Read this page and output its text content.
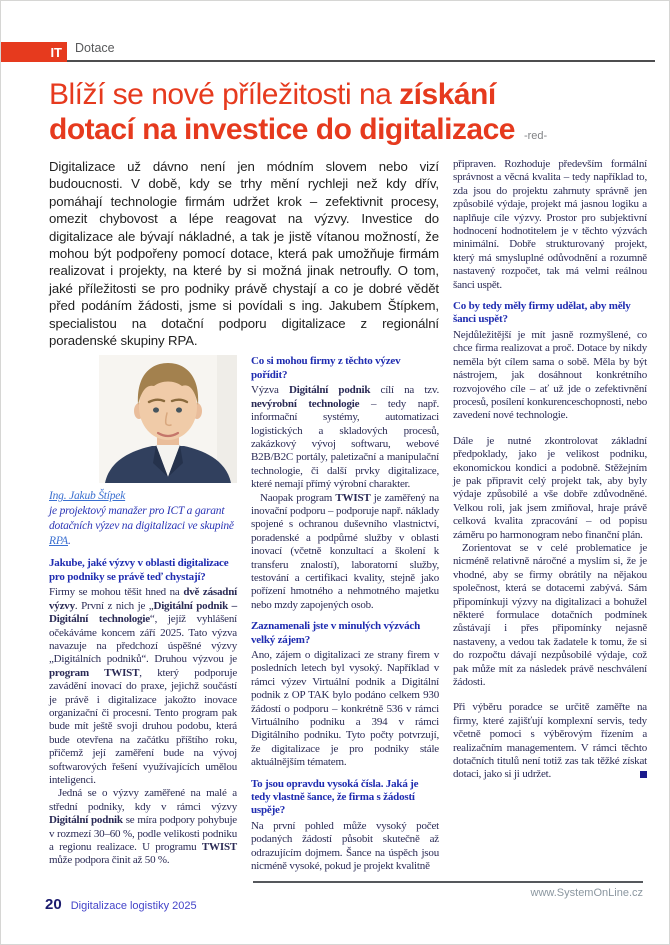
IT	Dotace
Blíží se nové příležitosti na získání
dotací na investice do digitalizace -red-

Digitalizace už dávno není jen módním slovem nebo vizí budoucnosti. V době, kdy se trhy mění rychleji než kdy dřív, pomáhají technologie firmám udržet krok – zefektivnit procesy, omezit chybovost a lépe reagovat na výzvy. Investice do digitalizace ale bývají nákladné, a tak je jistě vítanou možností, že mohou být podpořeny pomocí dotace, která pak umožňuje firmám realizovat i projekty, na které by si možná jinak netroufly. O tom, jaké příležitosti se pro podniky právě chystají a co je dobré vědět před podáním žádosti, jsme si povídali s ing. Jakubem Štípkem, specialistou na dotační podporu digitalizace z regionální poradenské skupiny RPA.

Ing. Jakub Štípek
je projektový manažer pro ICT a garant dotačních výzev na digitalizaci ve skupině RPA.
Jakube, jaké výzvy v oblasti digitalizace pro podniky se právě teď chystají?
Firmy se mohou těšit hned na dvě zásadní výzvy. První z nich je „Digitální podnik – Digitální technologie“, jejíž vyhlášení očekáváme koncem září 2025. Tato výzva navazuje na předchozí úspěšné výzvy „Digitálních podniků“. Druhou výzvou je program TWIST, který podporuje zavádění inovací do praxe, jejichž součástí je právě i digitalizace jakožto inovace organizační či procesní. Tento program pak bude mít ještě svoji druhou podobu, která bude otevřena na začátku příštího roku, přičemž její zaměření bude na vývoj softwarových řešení využívajících umělou inteligenci.
Jedná se o výzvy zaměřené na malé a střední podniky, kdy v rámci výzvy Digitální podnik se míra podpory pohybuje v rozmezí 30–60 %, podle velikosti podniku a regionu realizace. U programu TWIST může podpora činit až 50 %.
Co si mohou firmy z těchto výzev pořídit?
Výzva Digitální podnik cílí na tzv. nevýrobní technologie – tedy např. informační systémy, automatizaci logistických a skladových procesů, zakázkový vývoj softwaru, webové B2B/B2C portály, paletizační a manipulační technologie, či další prvky digitalizace, které nemají přímý výrobní charakter.
Naopak program TWIST je zaměřený na inovační podporu – podporuje např. náklady spojené s ochranou duševního vlastnictví, poradenské a podpůrné služby v oblasti inovací (včetně konzultací a školení k transferu znalostí), laboratorní služby, testování a certifikaci kvality, stejně jako pořízení hmotného a nehmotného majetku nebo mzdy zapojených osob.
Zaznamenali jste v minulých výzvách velký zájem?
Ano, zájem o digitalizaci ze strany firem v posledních letech byl vysoký. Například v rámci výzev Virtuální podnik a Digitální podnik z OP TAK bylo podáno celkem 930 žádostí o podporu – konkrétně 536 v rámci Virtuálního podniku a 394 v rámci Digitálního podniku. Tyto počty potvrzují, že digitalizace je pro podniky stále aktuálnějším tématem.
To jsou opravdu vysoká čísla. Jaká je tedy vlastně šance, že firma s žádostí uspěje?
Na první pohled může vysoký počet podaných žádostí působit skutečně až odrazujícím dojmem. Šance na úspěch jsou nicméně vysoké, pokud je projekt kvalitně
připraven. Rozhoduje především formální správnost a věcná kvalita – tedy například to, zda jsou do projektu zahrnuty správně jen způsobilé výdaje, projekt má jasnou logiku a naplňuje cíle výzvy. Prostor pro subjektivní hodnocení hodnotitelem je v těchto výzvách minimální. Dobře strukturovaný projekt, který má smysluplné odůvodnění a rozumně nastavený rozpočet, tak má velmi reálnou šanci uspět.
Co by tedy měly firmy udělat, aby měly šanci uspět?
Nejdůležitější je mít jasně rozmyšlené, co chce firma realizovat a proč. Dotace by nikdy neměla být cílem sama o sobě. Měla by být nástrojem, jak dosáhnout konkrétního rozvojového cíle – ať už jde o zefektivnění procesů, posílení konkurenceschopnosti, nebo zavedení nové technologie.
Dále je nutné zkontrolovat základní předpoklady, jako je velikost podniku, ekonomickou kondici a podobně. Stěžejním je pak připravit celý projekt tak, aby byly výdaje způsobilé a vše dobře zdůvodněné. Velkou roli, jak jsem zmiňoval, hraje právě celková kvalita zpracování – od popisu záměru po harmonogram nebo finanční plán.
Zorientovat se v celé problematice je nicméně relativně náročné a myslím si, že je vhodné, aby se firmy obrátily na nějakou společnost, která se dotacemi zabývá. Sám připomínkuji výzvy na digitalizaci a bohužel některé formulace dotačních podmínek zůstávají i přes připomínky nejasně nastaveny, a vedou tak žadatele k tomu, že si do rozpočtu dávají nezpůsobilé výdaje, což pak může mít za následek právě neschválení žádosti.
Při výběru poradce se určitě zaměřte na firmy, které zajišťují komplexní servis, tedy včetně pomoci s výběrovým řízením a realizačním managementem. V rámci těchto dotačních titulů není totiž zas tak těžké získat dotaci, jako si ji udržet.
www.SystemOnLine.cz
20 Digitalizace logistiky 2025
